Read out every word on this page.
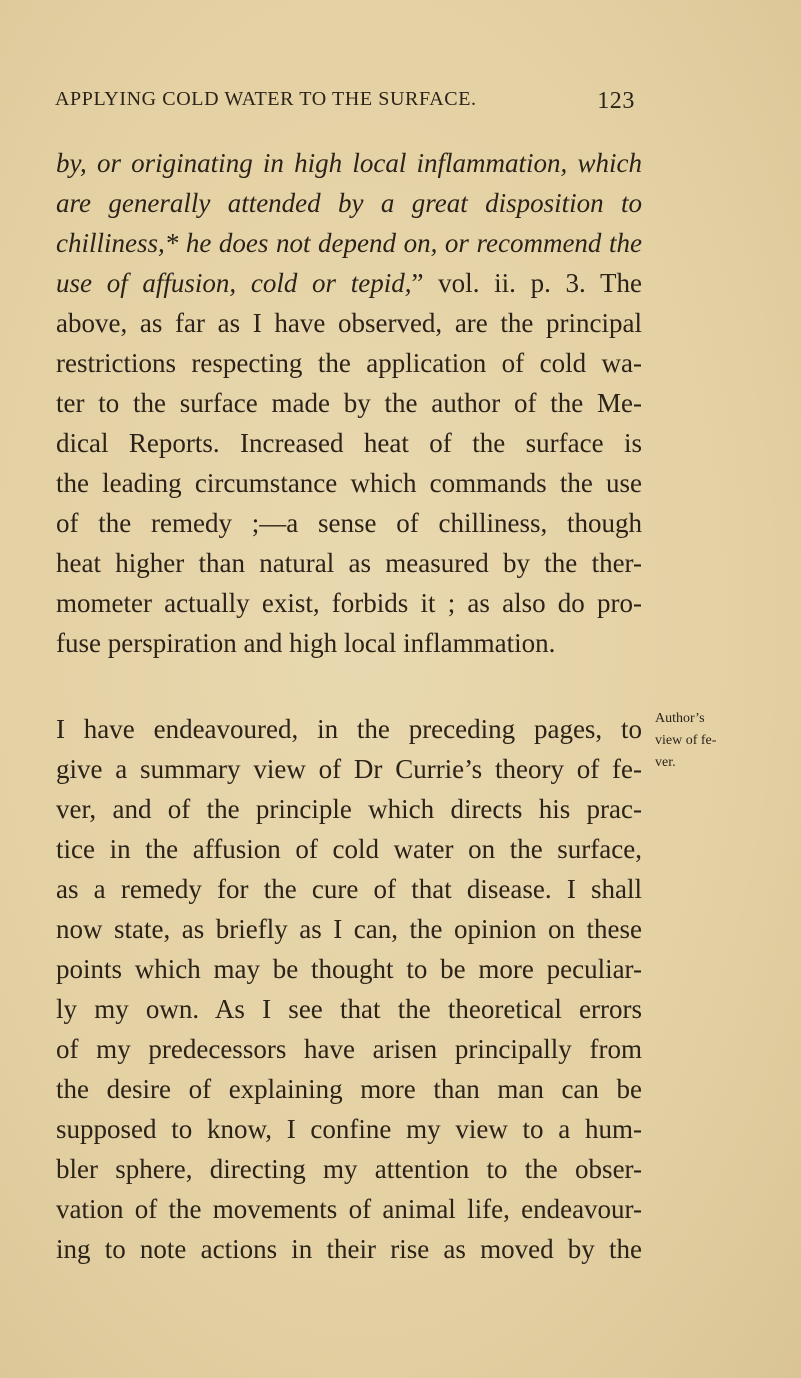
APPLYING COLD WATER TO THE SURFACE.	123
by, or originating in high local inflammation, which
are generally attended by a great disposition to
chilliness,* he does not depend on, or recommend the
use of affusion, cold or tepid,” vol. ii. p. 3. The
above, as far as I have observed, are the principal
restrictions respecting the application of cold wa-
ter to the surface made by the author of the Me-
dical Reports. Increased heat of the surface is
the leading circumstance which commands the use
of the remedy ;—a sense of chilliness, though
heat higher than natural as measured by the ther-
mometer actually exist, forbids it ; as also do pro-
fuse perspiration and high local inflammation.
I have endeavoured, in the preceding pages, to
give a summary view of Dr Currie’s theory of fe-
ver, and of the principle which directs his prac-
tice in the affusion of cold water on the surface,
as a remedy for the cure of that disease. I shall
now state, as briefly as I can, the opinion on these
points which may be thought to be more peculiar-
ly my own. As I see that the theoretical errors
of my predecessors have arisen principally from
the desire of explaining more than man can be
supposed to know, I confine my view to a hum-
bler sphere, directing my attention to the obser-
vation of the movements of animal life, endeavour-
ing to note actions in their rise as moved by the
Author’s
view of fe-
ver.
